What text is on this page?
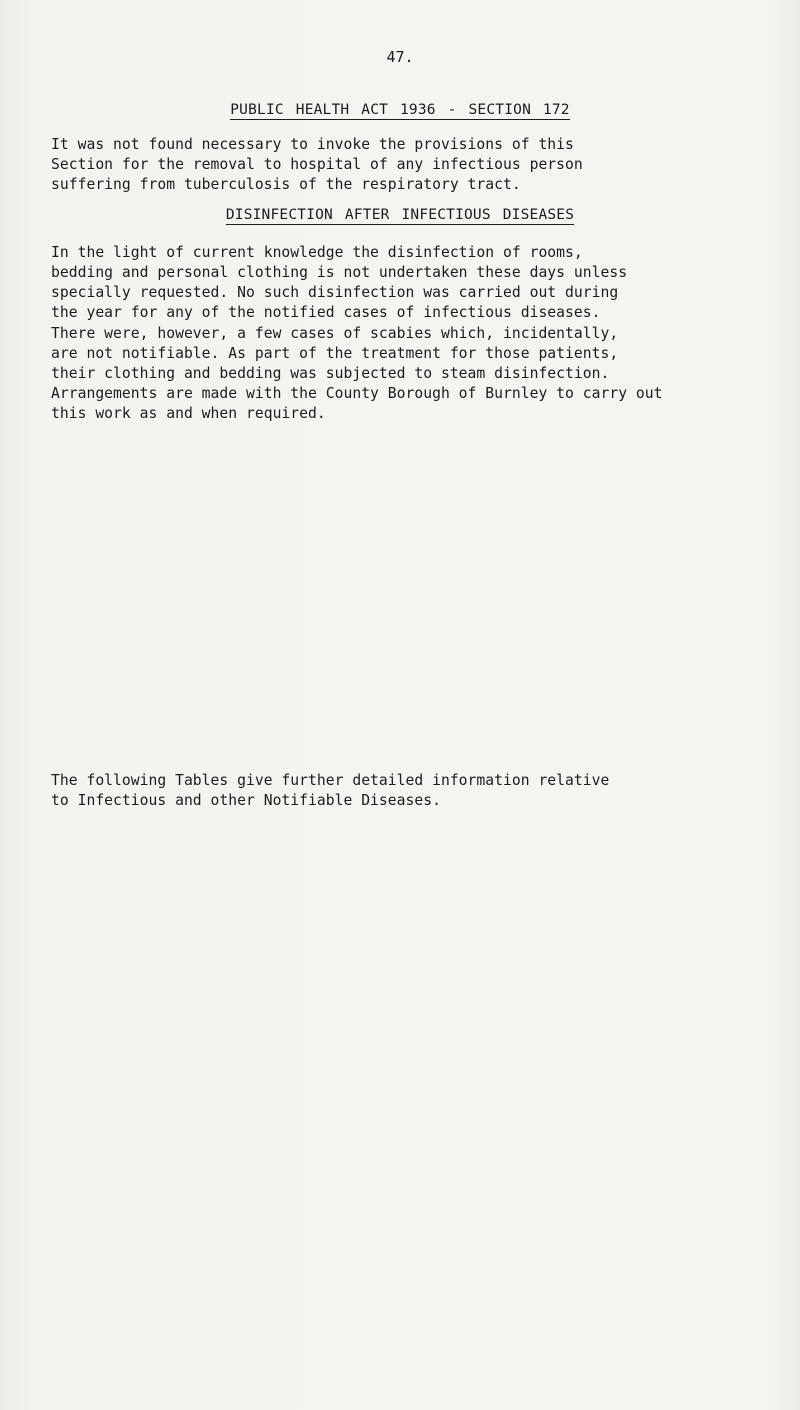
47.
PUBLIC HEALTH ACT 1936 - SECTION 172
It was not found necessary to invoke the provisions of this
Section for the removal to hospital of any infectious person
suffering from tuberculosis of the respiratory tract.
DISINFECTION AFTER INFECTIOUS DISEASES
In the light of current knowledge the disinfection of rooms,
bedding and personal clothing is not undertaken these days unless
specially requested. No such disinfection was carried out during
the year for any of the notified cases of infectious diseases.
There were, however, a few cases of scabies which, incidentally,
are not notifiable. As part of the treatment for those patients,
their clothing and bedding was subjected to steam disinfection.
Arrangements are made with the County Borough of Burnley to carry out
this work as and when required.
The following Tables give further detailed information relative
to Infectious and other Notifiable Diseases.
